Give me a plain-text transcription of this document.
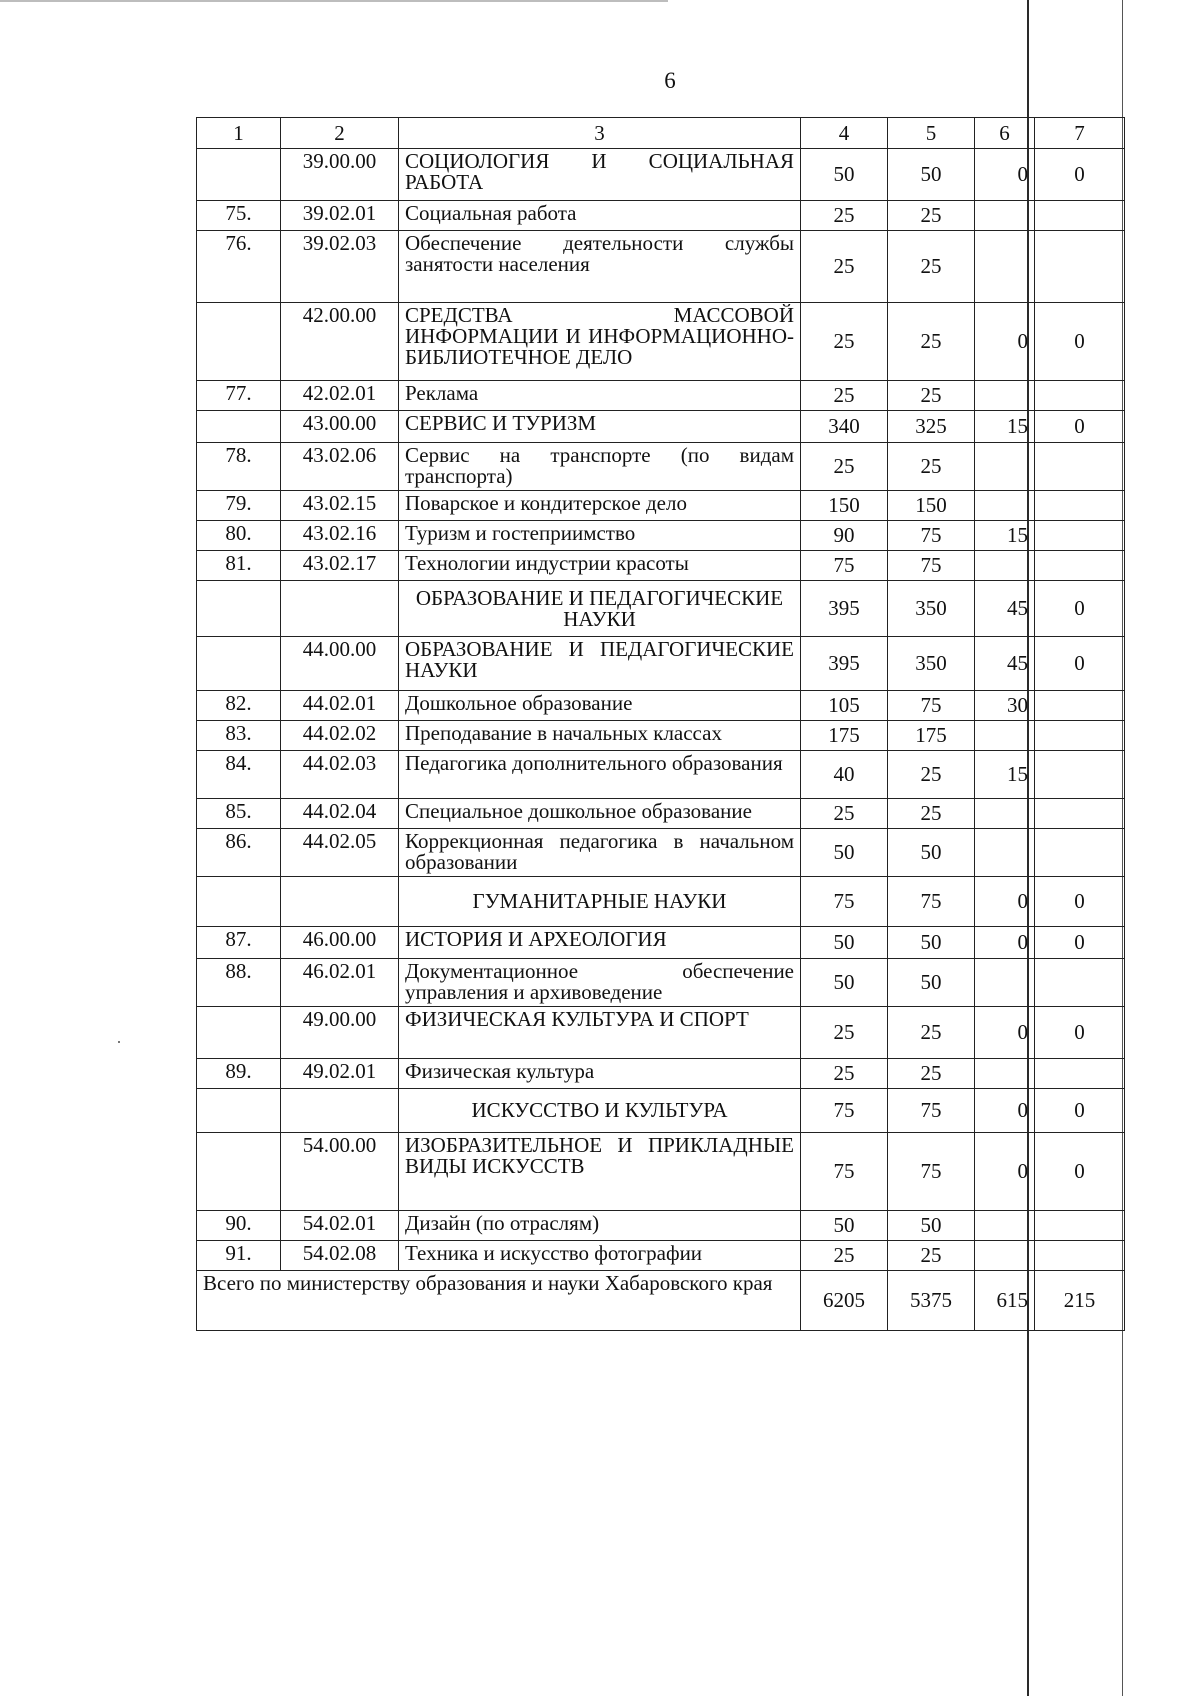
6
1	2	3	4	5	6	7
	39.00.00	СОЦИОЛОГИЯ И СОЦИАЛЬНАЯ РАБОТА	50	50	0	0
75.	39.02.01	Социальная работа	25	25		
76.	39.02.03	Обеспечение деятельности службы занятости населения	25	25		
	42.00.00	СРЕДСТВА МАССОВОЙ ИНФОРМАЦИИ И ИНФОРМАЦИОННО-БИБЛИОТЕЧНОЕ ДЕЛО	25	25	0	0
77.	42.02.01	Реклама	25	25		
	43.00.00	СЕРВИС И ТУРИЗМ	340	325	15	0
78.	43.02.06	Сервис на транспорте (по видам транспорта)	25	25		
79.	43.02.15	Поварское и кондитерское дело	150	150		
80.	43.02.16	Туризм и гостеприимство	90	75	15	
81.	43.02.17	Технологии индустрии красоты	75	75		
		ОБРАЗОВАНИЕ И ПЕДАГОГИЧЕСКИЕ НАУКИ	395	350	45	0
	44.00.00	ОБРАЗОВАНИЕ И ПЕДАГОГИЧЕСКИЕ НАУКИ	395	350	45	0
82.	44.02.01	Дошкольное образование	105	75	30	
83.	44.02.02	Преподавание в начальных классах	175	175		
84.	44.02.03	Педагогика дополнительного образования	40	25	15	
85.	44.02.04	Специальное дошкольное образование	25	25		
86.	44.02.05	Коррекционная педагогика в начальном образовании	50	50		
		ГУМАНИТАРНЫЕ НАУКИ	75	75	0	0
87.	46.00.00	ИСТОРИЯ И АРХЕОЛОГИЯ	50	50	0	0
88.	46.02.01	Документационное обеспечение управления и архивоведение	50	50		
	49.00.00	ФИЗИЧЕСКАЯ КУЛЬТУРА И СПОРТ	25	25	0	0
89.	49.02.01	Физическая культура	25	25		
		ИСКУССТВО И КУЛЬТУРА	75	75	0	0
	54.00.00	ИЗОБРАЗИТЕЛЬНОЕ И ПРИКЛАДНЫЕ ВИДЫ ИСКУССТВ	75	75	0	0
90.	54.02.01	Дизайн (по отраслям)	50	50		
91.	54.02.08	Техника и искусство фотографии	25	25		
Всего по министерству образования и науки Хабаровского края			6205	5375	615	215
